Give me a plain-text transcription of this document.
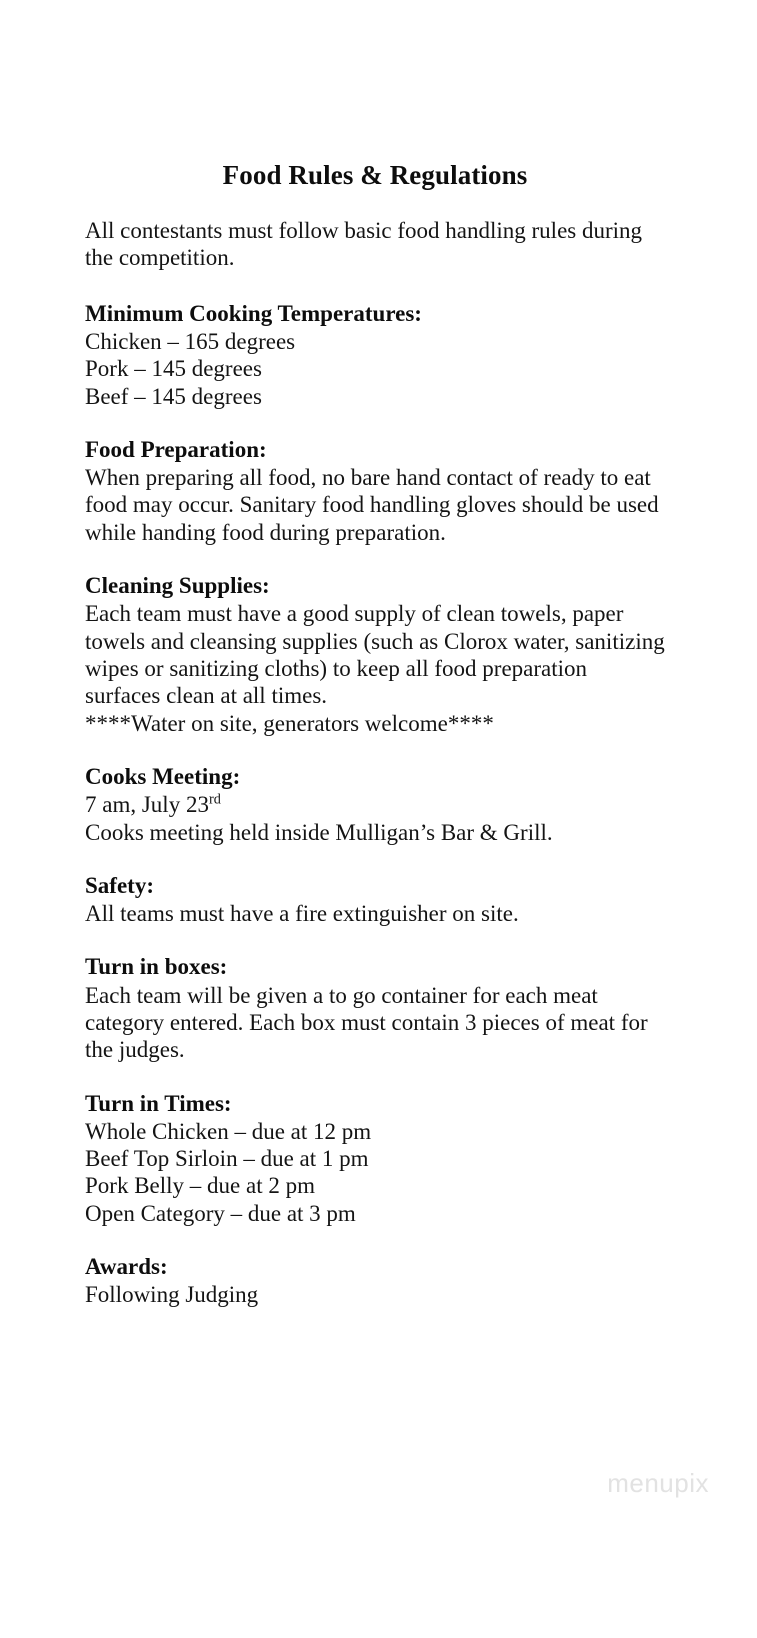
Food Rules & Regulations

All contestants must follow basic food handling rules during the competition.

Minimum Cooking Temperatures:
Chicken – 165 degrees
Pork – 145 degrees
Beef – 145 degrees
Food Preparation:

When preparing all food, no bare hand contact of ready to eat food may occur. Sanitary food handling gloves should be used while handing food during preparation.

Cleaning Supplies:

Each team must have a good supply of clean towels, paper towels and cleansing supplies (such as Clorox water, sanitizing wipes or sanitizing cloths) to keep all food preparation surfaces clean at all times.

****Water on site, generators welcome****
Cooks Meeting:
7 am, July 23rd
Cooks meeting held inside Mulligan’s Bar & Grill.
Safety:
All teams must have a fire extinguisher on site.
Turn in boxes:

Each team will be given a to go container for each meat category entered. Each box must contain 3 pieces of meat for the judges.

Turn in Times:
Whole Chicken – due at 12 pm
Beef Top Sirloin – due at 1 pm
Pork Belly – due at 2 pm
Open Category – due at 3 pm
Awards:
Following Judging
menupix
